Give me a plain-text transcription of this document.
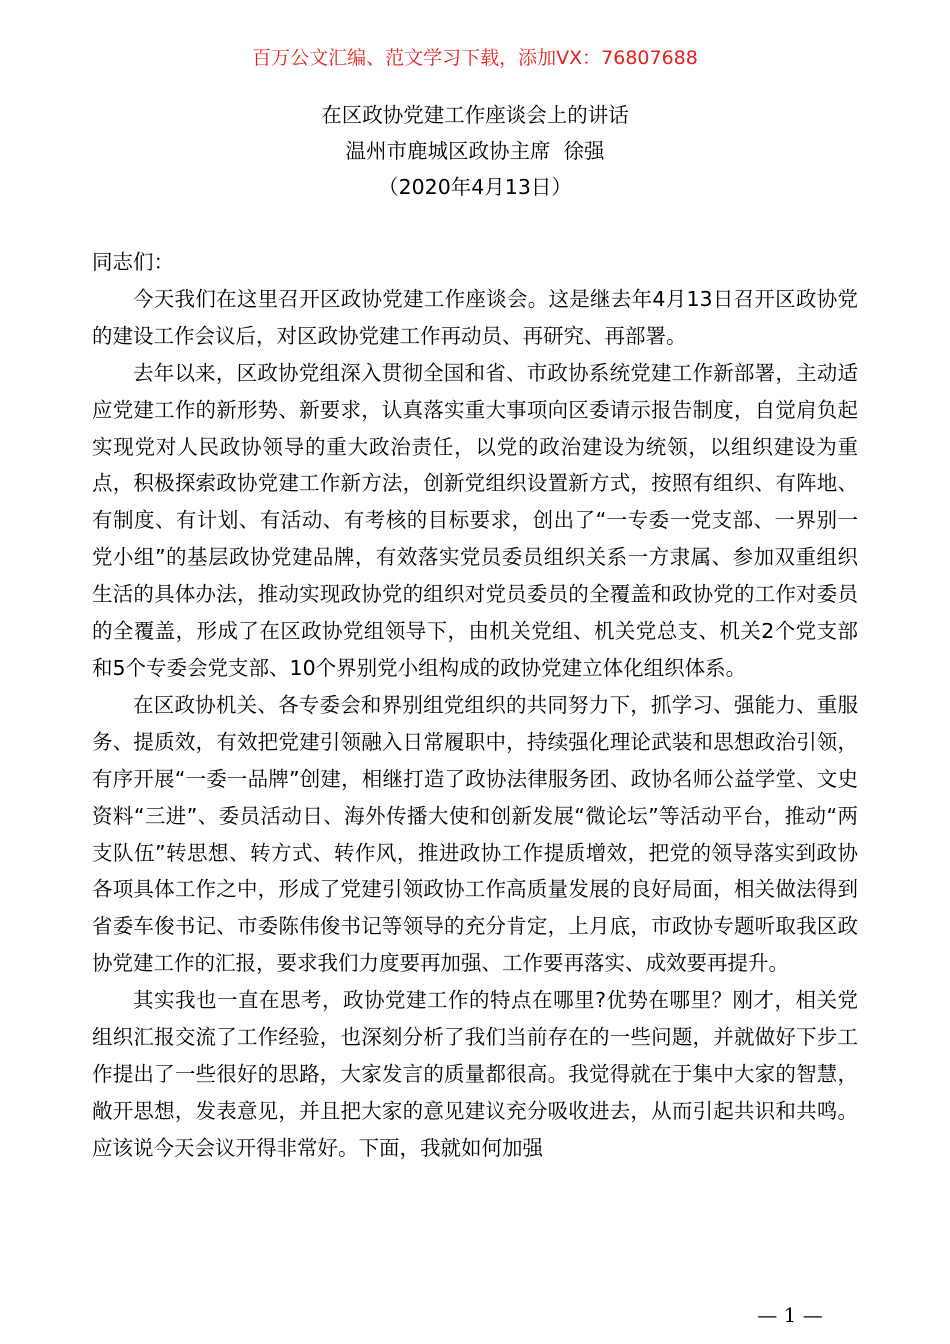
百万公文汇编、范文学习下载，添加VX：76807688
在区政协党建工作座谈会上的讲话
温州市鹿城区政协主席  徐强
（2020年4月13日）

同志们：

今天我们在这里召开区政协党建工作座谈会。这是继去年4月13日召开区政协党的建设工作会议后，对区政协党建工作再动员、再研究、再部署。

去年以来，区政协党组深入贯彻全国和省、市政协系统党建工作新部署，主动适应党建工作的新形势、新要求，认真落实重大事项向区委请示报告制度，自觉肩负起实现党对人民政协领导的重大政治责任，以党的政治建设为统领，以组织建设为重点，积极探索政协党建工作新方法，创新党组织设置新方式，按照有组织、有阵地、有制度、有计划、有活动、有考核的目标要求，创出了“一专委一党支部、一界别一党小组”的基层政协党建品牌，有效落实党员委员组织关系一方隶属、参加双重组织生活的具体办法，推动实现政协党的组织对党员委员的全覆盖和政协党的工作对委员的全覆盖，形成了在区政协党组领导下，由机关党组、机关党总支、机关2个党支部和5个专委会党支部、10个界别党小组构成的政协党建立体化组织体系。

在区政协机关、各专委会和界别组党组织的共同努力下，抓学习、强能力、重服务、提质效，有效把党建引领融入日常履职中，持续强化理论武装和思想政治引领，有序开展“一委一品牌”创建，相继打造了政协法律服务团、政协名师公益学堂、文史资料“三进”、委员活动日、海外传播大使和创新发展“微论坛”等活动平台，推动“两支队伍”转思想、转方式、转作风，推进政协工作提质增效，把党的领导落实到政协各项具体工作之中，形成了党建引领政协工作高质量发展的良好局面，相关做法得到省委车俊书记、市委陈伟俊书记等领导的充分肯定，上月底，市政协专题听取我区政协党建工作的汇报，要求我们力度要再加强、工作要再落实、成效要再提升。

其实我也一直在思考，政协党建工作的特点在哪里?优势在哪里？刚才，相关党组织汇报交流了工作经验，也深刻分析了我们当前存在的一些问题，并就做好下步工作提出了一些很好的思路，大家发言的质量都很高。我觉得就在于集中大家的智慧，敞开思想，发表意见，并且把大家的意见建议充分吸收进去，从而引起共识和共鸣。应该说今天会议开得非常好。下面，我就如何加强

— 1 —
